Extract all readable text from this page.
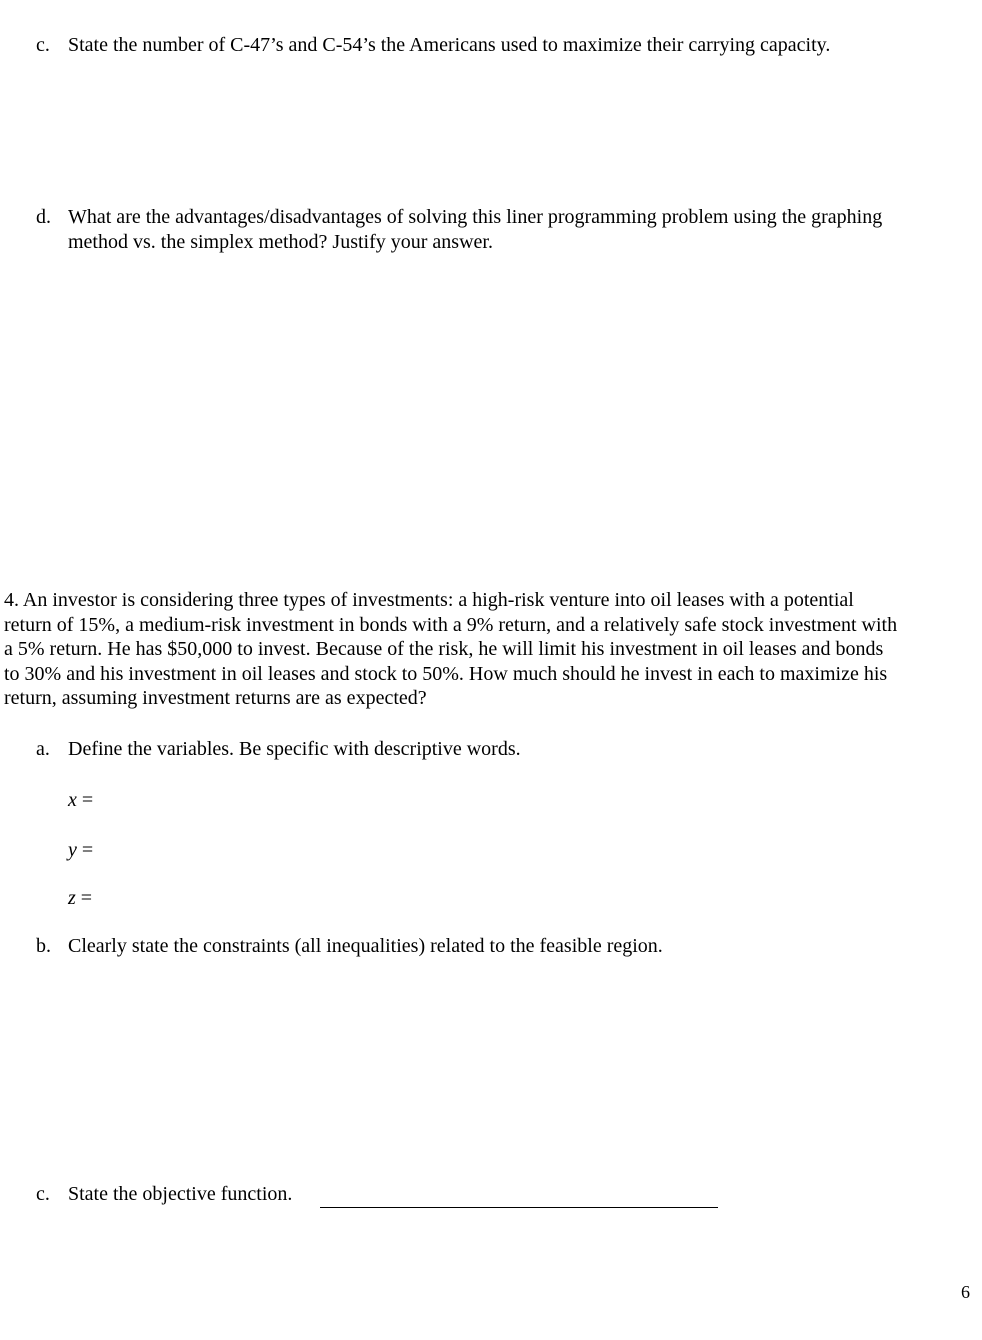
c. State the number of C-47’s and C-54’s the Americans used to maximize their carrying capacity.
d. What are the advantages/disadvantages of solving this liner programming problem using the graphing
method vs. the simplex method? Justify your answer.
4. An investor is considering three types of investments: a high-risk venture into oil leases with a potential
return of 15%, a medium-risk investment in bonds with a 9% return, and a relatively safe stock investment with
a 5% return. He has $50,000 to invest. Because of the risk, he will limit his investment in oil leases and bonds
to 30% and his investment in oil leases and stock to 50%. How much should he invest in each to maximize his
return, assuming investment returns are as expected?
a. Define the variables. Be specific with descriptive words.
x =
y =
z =
b. Clearly state the constraints (all inequalities) related to the feasible region.
c. State the objective function.
6
